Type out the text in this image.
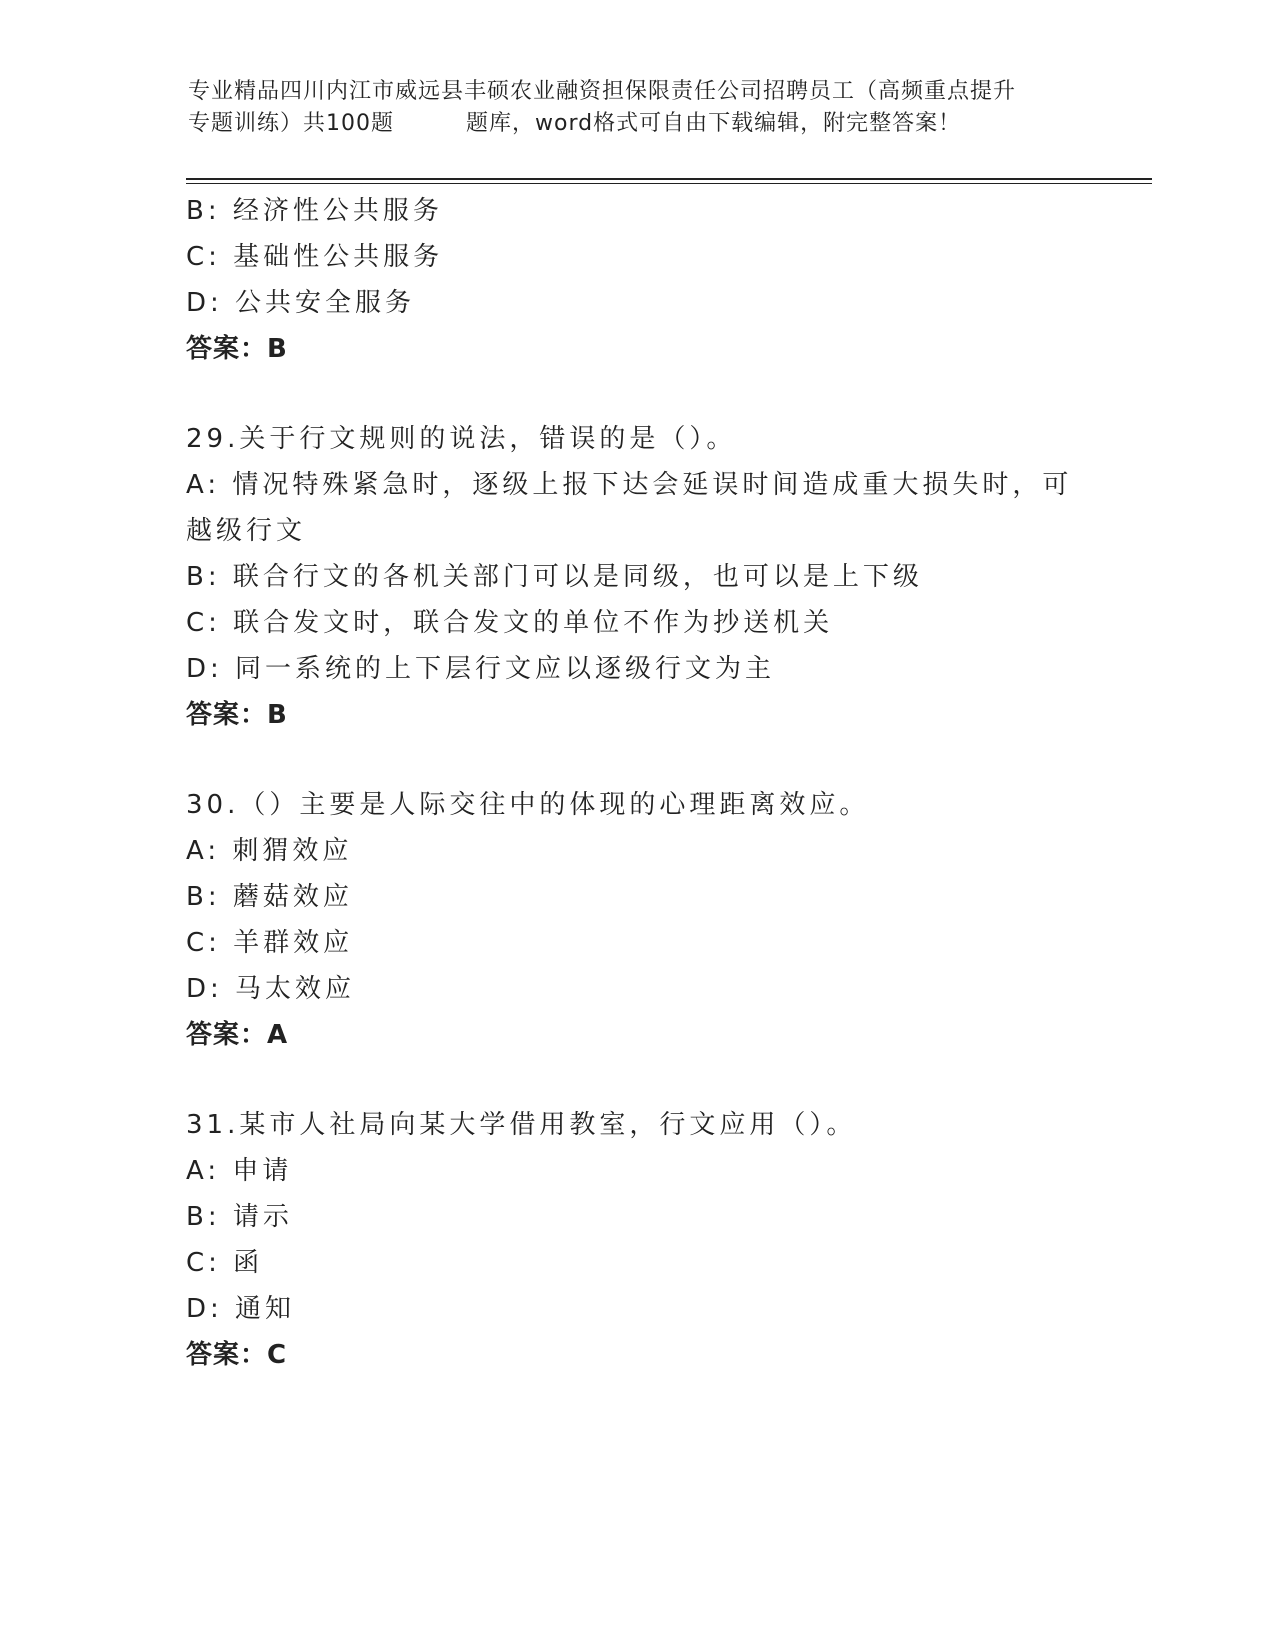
专业精品四川内江市威远县丰硕农业融资担保限责任公司招聘员工（高频重点提升
专题训练）共100题	题库，word格式可自由下载编辑，附完整答案！
B: 经济性公共服务
C: 基础性公共服务
D: 公共安全服务
答案：B
29.关于行文规则的说法，错误的是（）。
A: 情况特殊紧急时，逐级上报下达会延误时间造成重大损失时，可越级行文
B: 联合行文的各机关部门可以是同级，也可以是上下级
C: 联合发文时，联合发文的单位不作为抄送机关
D: 同一系统的上下层行文应以逐级行文为主
答案：B
30.（）主要是人际交往中的体现的心理距离效应。
A: 刺猬效应
B: 蘑菇效应
C: 羊群效应
D: 马太效应
答案：A
31.某市人社局向某大学借用教室，行文应用（）。
A: 申请
B: 请示
C: 函
D: 通知
答案：C
